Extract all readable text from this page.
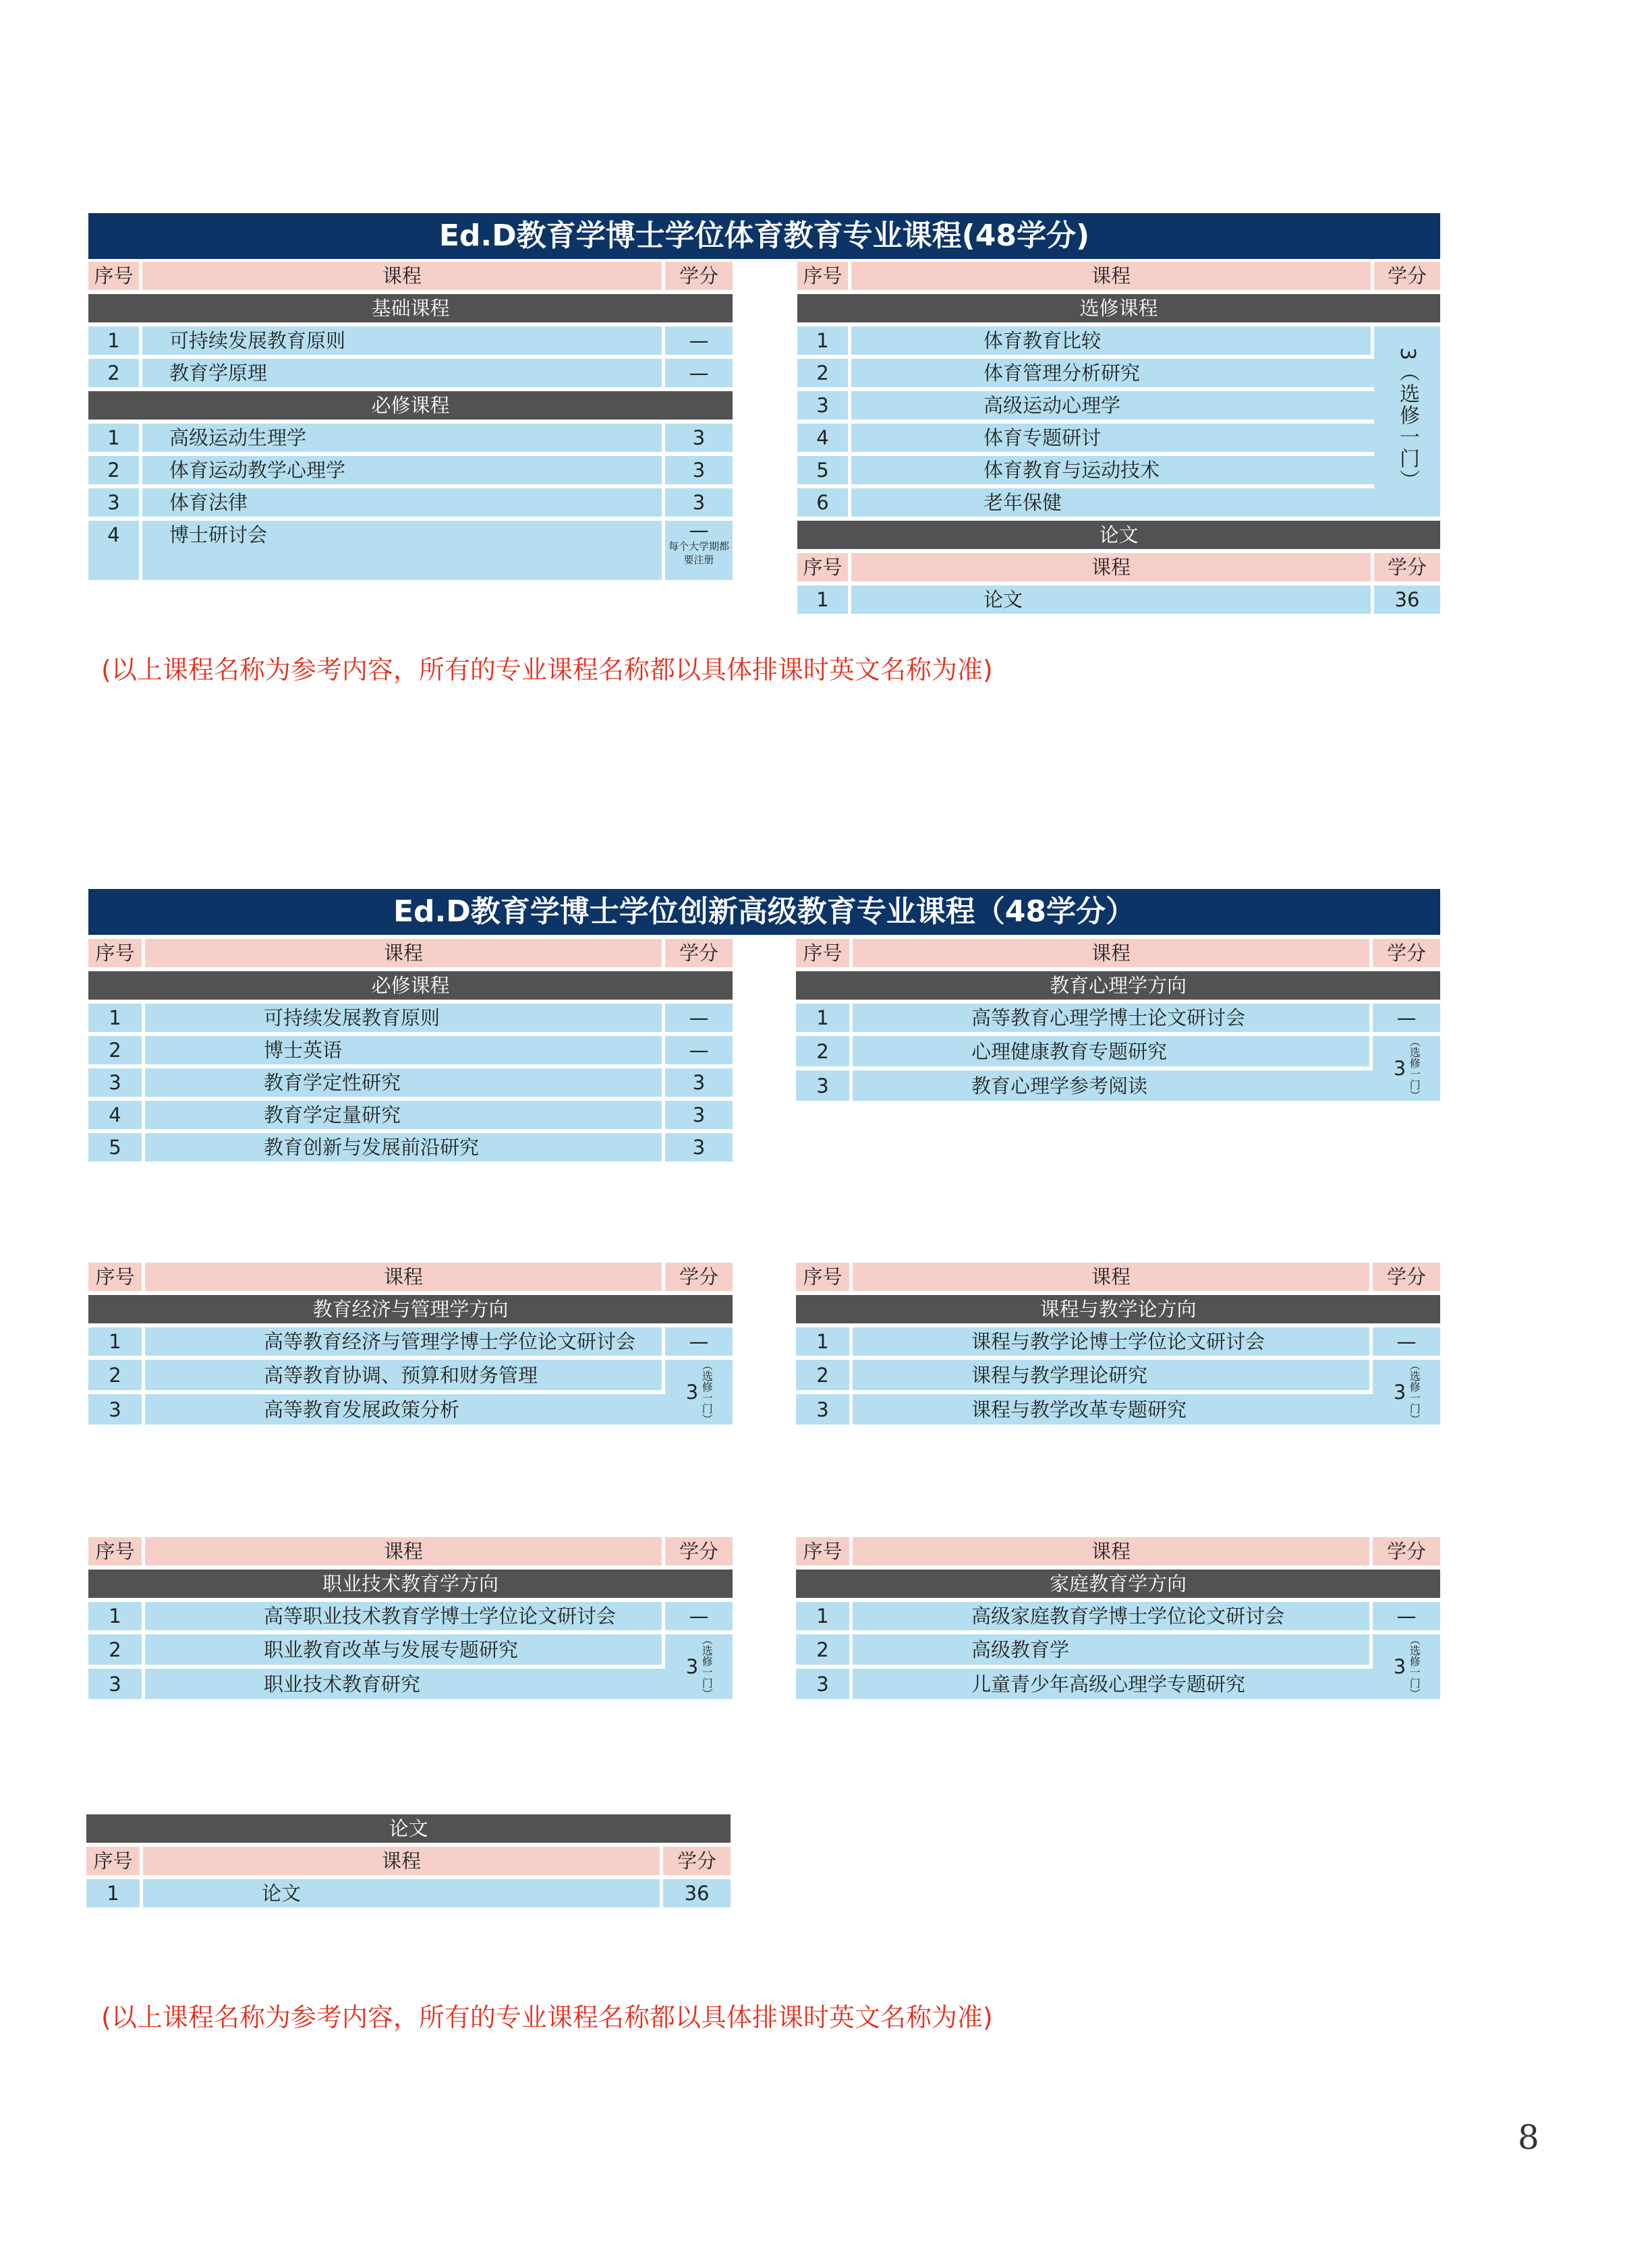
Ed.D教育学博士学位体育教育专业课程(48学分)
序号	课程	学分
基础课程		
1	可持续发展教育原则	—
2	教育学原理	—
必修课程		
1	高级运动生理学	3
2	体育运动教学心理学	3
3	体育法律	3
4	博士研讨会	—
每个大学期都要注册
序号	课程	学分
选修课程		
1	体育教育比较	3（选修一门）
2	体育管理分析研究	
3	高级运动心理学	
4	体育专题研讨	
5	体育教育与运动技术	
6	老年保健	
论文		
序号	课程	学分
1	论文	36
(以上课程名称为参考内容，所有的专业课程名称都以具体排课时英文名称为准)
Ed.D教育学博士学位创新高级教育专业课程（48学分）
序号	课程	学分
必修课程		
1	可持续发展教育原则	—
2	博士英语	—
3	教育学定性研究	3
4	教育学定量研究	3
5	教育创新与发展前沿研究	3
序号	课程	学分
教育心理学方向		
1	高等教育心理学博士论文研讨会	—
2	心理健康教育专题研究	3 （选修一门）

3	教育心理学参考阅读	
序号	课程	学分
教育经济与管理学方向		
1	高等教育经济与管理学博士学位论文研讨会	—
2	高等教育协调、预算和财务管理	3 （选修一门）

3	高等教育发展政策分析	
序号	课程	学分
课程与教学论方向		
1	课程与教学论博士学位论文研讨会	—
2	课程与教学理论研究	3 （选修一门）

3	课程与教学改革专题研究	
序号	课程	学分
职业技术教育学方向		
1	高等职业技术教育学博士学位论文研讨会	—
2	职业教育改革与发展专题研究	3 （选修一门）

3	职业技术教育研究	
序号	课程	学分
家庭教育学方向		
1	高级家庭教育学博士学位论文研讨会	—
2	高级教育学	3 （选修一门）

3	儿童青少年高级心理学专题研究	
论文		
序号	课程	学分
1	论文	36
(以上课程名称为参考内容，所有的专业课程名称都以具体排课时英文名称为准)
8
